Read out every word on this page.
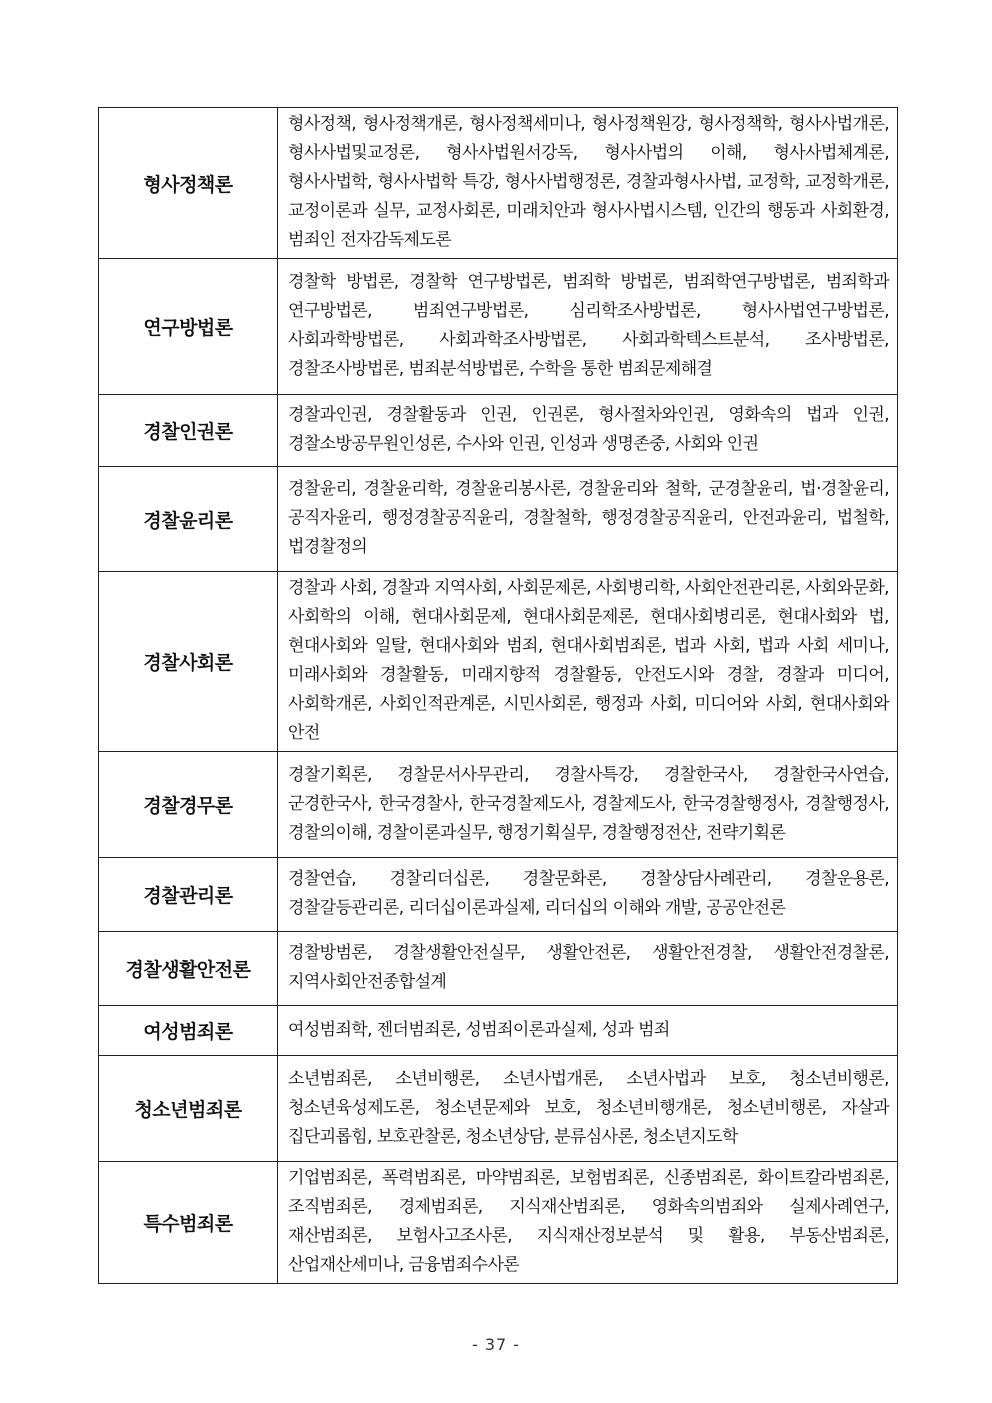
형사정책론	형사정책, 형사정책개론, 형사정책세미나, 형사정책원강, 형사정책학, 형사사법개론, 형사사법및교정론, 형사사법원서강독, 형사사법의 이해, 형사사법체계론, 형사사법학, 형사사법학 특강, 형사사법행정론, 경찰과형사사법, 교정학, 교정학개론, 교정이론과 실무, 교정사회론, 미래치안과 형사사법시스템, 인간의 행동과 사회환경, 범죄인 전자감독제도론
연구방법론	경찰학 방법론, 경찰학 연구방법론, 범죄학 방법론, 범죄학연구방법론, 범죄학과 연구방법론, 범죄연구방법론, 심리학조사방법론, 형사사법연구방법론, 사회과학방법론, 사회과학조사방법론, 사회과학텍스트분석, 조사방법론, 경찰조사방법론, 범죄분석방법론, 수학을 통한 범죄문제해결
경찰인권론	경찰과인권, 경찰활동과 인권, 인권론, 형사절차와인권, 영화속의 법과 인권, 경찰소방공무원인성론, 수사와 인권, 인성과 생명존중, 사회와 인권
경찰윤리론	경찰윤리, 경찰윤리학, 경찰윤리봉사론, 경찰윤리와 철학, 군경찰윤리, 법·경찰윤리, 공직자윤리, 행정경찰공직윤리, 경찰철학, 행정경찰공직윤리, 안전과윤리, 법철학, 법경찰정의
경찰사회론	경찰과 사회, 경찰과 지역사회, 사회문제론, 사회병리학, 사회안전관리론, 사회와문화, 사회학의 이해, 현대사회문제, 현대사회문제론, 현대사회병리론, 현대사회와 법, 현대사회와 일탈, 현대사회와 범죄, 현대사회범죄론, 법과 사회, 법과 사회 세미나, 미래사회와 경찰활동, 미래지향적 경찰활동, 안전도시와 경찰, 경찰과 미디어, 사회학개론, 사회인적관계론, 시민사회론, 행정과 사회, 미디어와 사회, 현대사회와 안전
경찰경무론	경찰기획론, 경찰문서사무관리, 경찰사특강, 경찰한국사, 경찰한국사연습, 군경한국사, 한국경찰사, 한국경찰제도사, 경찰제도사, 한국경찰행정사, 경찰행정사, 경찰의이해, 경찰이론과실무, 행정기획실무, 경찰행정전산, 전략기획론
경찰관리론	경찰연습, 경찰리더십론, 경찰문화론, 경찰상담사례관리, 경찰운용론, 경찰갈등관리론, 리더십이론과실제, 리더십의 이해와 개발, 공공안전론
경찰생활안전론	경찰방범론, 경찰생활안전실무, 생활안전론, 생활안전경찰, 생활안전경찰론, 지역사회안전종합설계
여성범죄론	여성범죄학, 젠더범죄론, 성범죄이론과실제, 성과 범죄
청소년범죄론	소년범죄론, 소년비행론, 소년사법개론, 소년사법과 보호, 청소년비행론, 청소년육성제도론, 청소년문제와 보호, 청소년비행개론, 청소년비행론, 자살과 집단괴롭힘, 보호관찰론, 청소년상담, 분류심사론, 청소년지도학
특수범죄론	기업범죄론, 폭력범죄론, 마약범죄론, 보험범죄론, 신종범죄론, 화이트칼라범죄론, 조직범죄론, 경제범죄론, 지식재산범죄론, 영화속의범죄와 실제사례연구, 재산범죄론, 보험사고조사론, 지식재산정보분석 및 활용, 부동산범죄론, 산업재산세미나, 금융범죄수사론
- 37 -
